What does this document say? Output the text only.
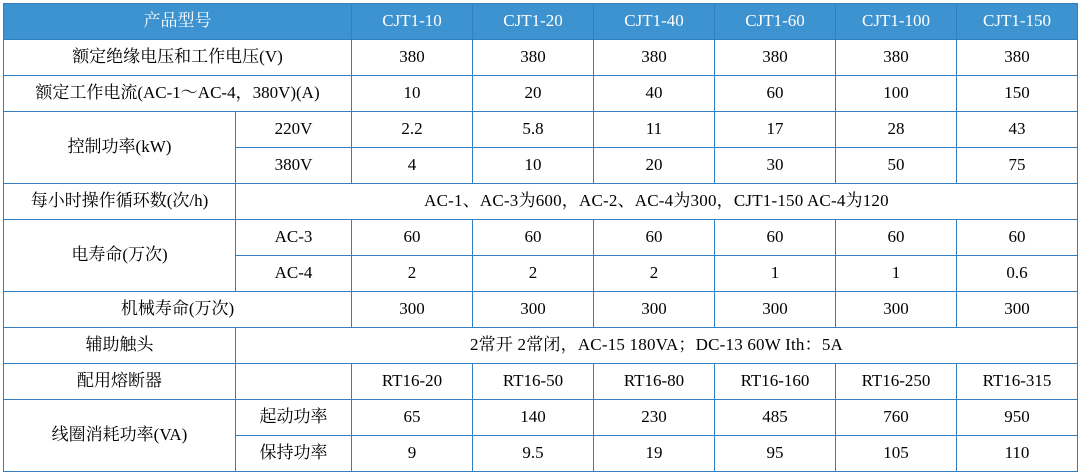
产品型号		CJT1-10	CJT1-20	CJT1-40	CJT1-60	CJT1-100	CJT1-150
额定绝缘电压和工作电压(V)		380	380	380	380	380	380
额定工作电流(AC-1～AC-4，380V)(A)		10	20	40	60	100	150
控制功率(kW)	220V	2.2	5.8	11	17	28	43
	380V	4	10	20	30	50	75
每小时操作循环数(次/h)	AC-1、AC-3为600，AC-2、AC-4为300，CJT1-150 AC-4为120						
电寿命(万次)	AC-3	60	60	60	60	60	60
	AC-4	2	2	2	1	1	0.6
机械寿命(万次)		300	300	300	300	300	300
辅助触头	2常开 2常闭，AC-15 180VA；DC-13 60W Ith：5A						
配用熔断器		RT16-20	RT16-50	RT16-80	RT16-160	RT16-250	RT16-315
线圈消耗功率(VA)	起动功率	65	140	230	485	760	950
	保持功率	9	9.5	19	95	105	110
